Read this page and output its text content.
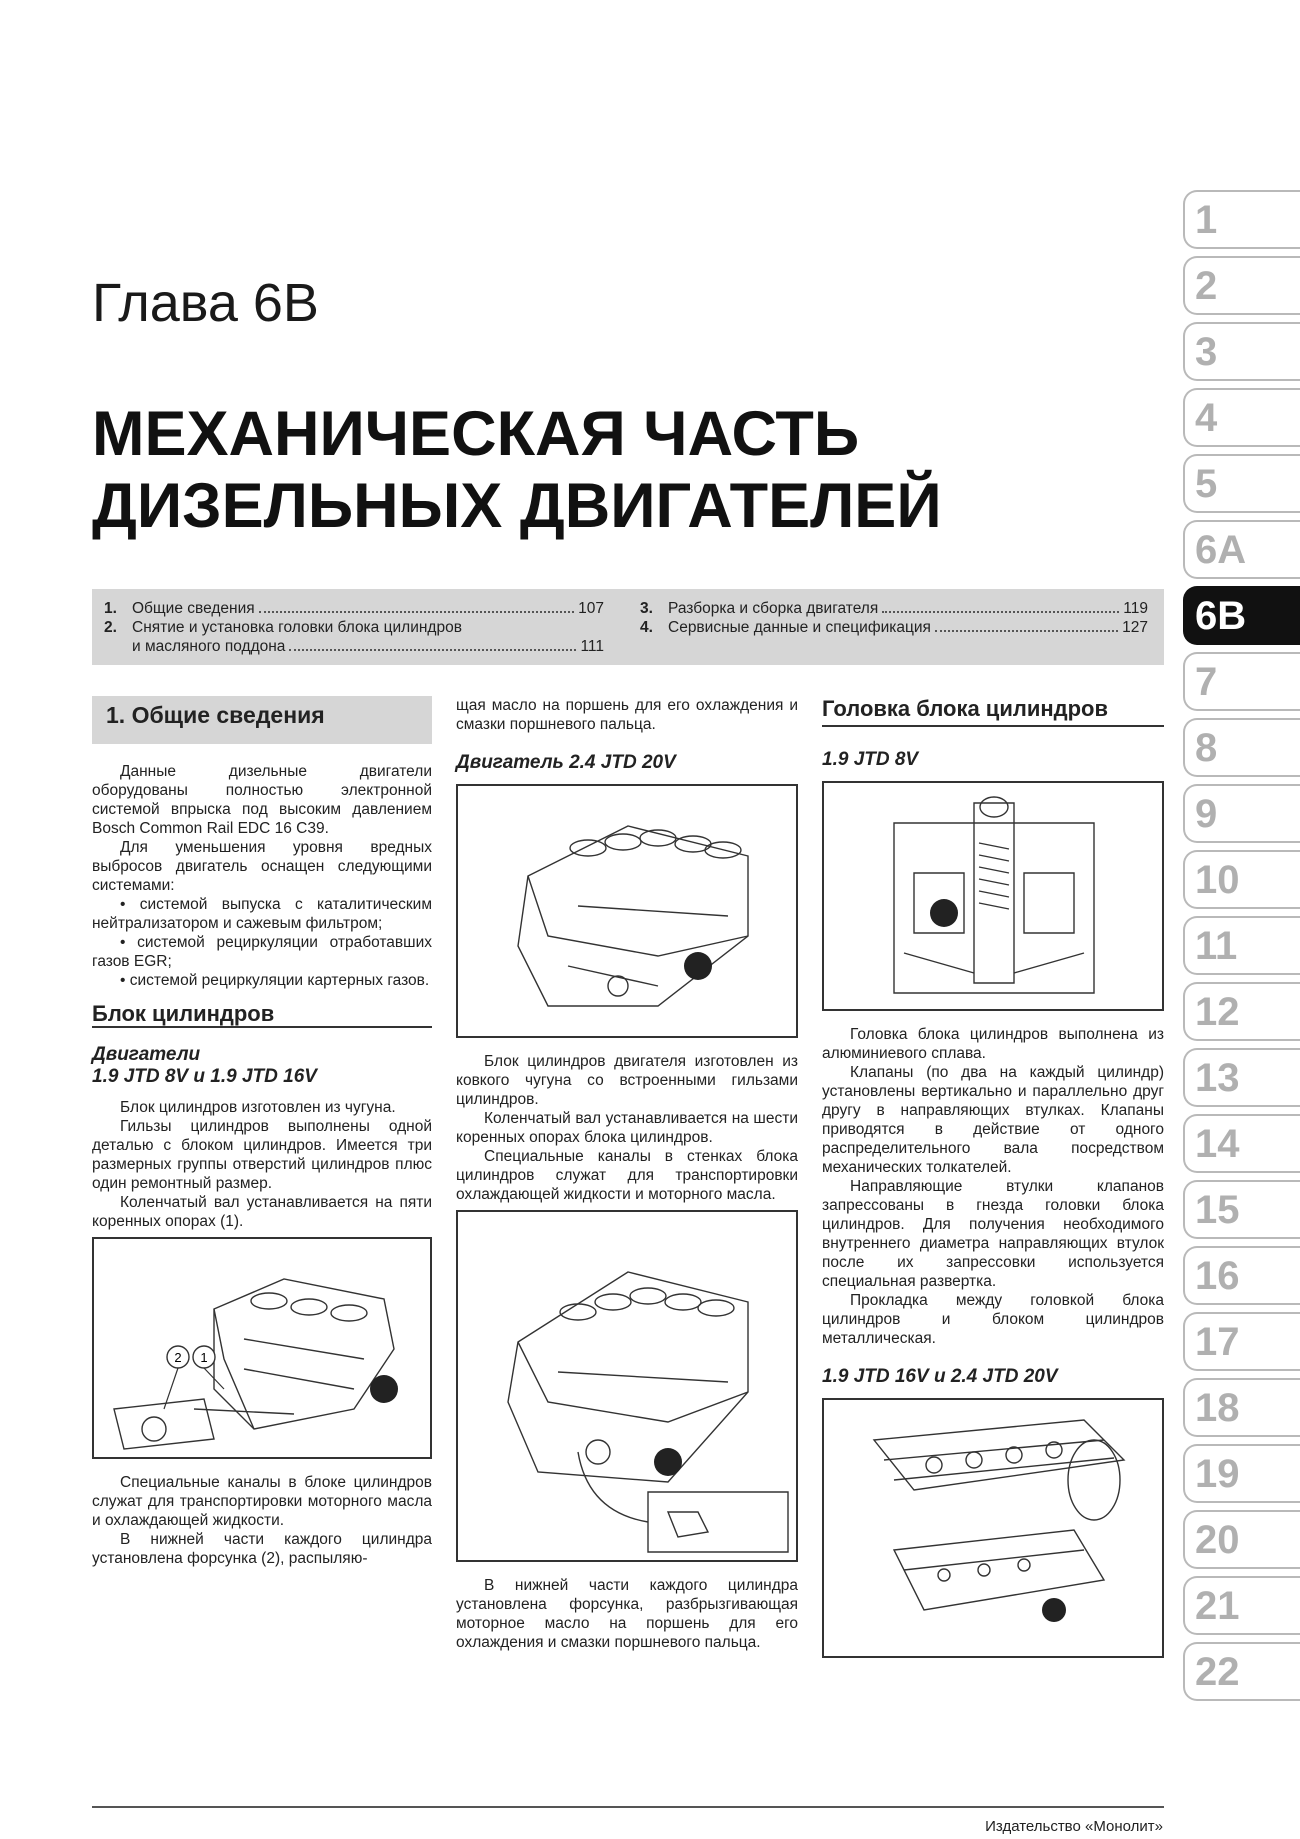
Глава 6В
МЕХАНИЧЕСКАЯ ЧАСТЬ
ДИЗЕЛЬНЫХ ДВИГАТЕЛЕЙ
1. Общие сведения	107
2. Снятие и установка головки блока цилиндров
и масляного поддона	111
3. Разборка и сборка двигателя	119
4. Сервисные данные и спецификация	127
1
2
3
4
5
6А
6В
7
8
9
10
11
12
13
14
15
16
17
18
19
20
21
22
1. Общие сведения

Данные дизельные двигатели оборудованы полностью электронной системой впрыска под высоким давлением Bosch Common Rail EDC 16 C39.

Для уменьшения уровня вредных выбросов двигатель оснащен следующими системами:

• системой выпуска с каталитическим нейтрализатором и сажевым фильтром;

• системой рециркуляции отработавших газов EGR;

• системой рециркуляции картерных газов.

Блок цилиндров
Двигатели
1.9 JTD 8V и 1.9 JTD 16V

Блок цилиндров изготовлен из чугуна.

Гильзы цилиндров выполнены одной деталью с блоком цилиндров. Имеется три размерных группы отверстий цилиндров плюс один ремонтный размер.

Коленчатый вал устанавливается на пяти коренных опорах (1).

2 1

Специальные каналы в блоке цилиндров служат для транспортировки моторного масла и охлаждающей жидкости.

В нижней части каждого цилиндра установлена форсунка (2), распыляю-

щая масло на поршень для его охлаждения и смазки поршневого пальца.

Двигатель 2.4 JTD 20V

Блок цилиндров двигателя изготовлен из ковкого чугуна со встроенными гильзами цилиндров.

Коленчатый вал устанавливается на шести коренных опорах блока цилиндров.

Специальные каналы в стенках блока цилиндров служат для транспортировки охлаждающей жидкости и моторного масла.

В нижней части каждого цилиндра установлена форсунка, разбрызгивающая моторное масло на поршень для его охлаждения и смазки поршневого пальца.

Головка блока цилиндров
1.9 JTD 8V

Головка блока цилиндров выполнена из алюминиевого сплава.

Клапаны (по два на каждый цилиндр) установлены вертикально и параллельно друг другу в направляющих втулках. Клапаны приводятся в действие от одного распределительного вала посредством механических толкателей.

Направляющие втулки клапанов запрессованы в гнезда головки блока цилиндров. Для получения необходимого внутреннего диаметра направляющих втулок после их запрессовки используется специальная развертка.

Прокладка между головкой блока цилиндров и блоком цилиндров металлическая.

1.9 JTD 16V и 2.4 JTD 20V
Издательство «Монолит»
